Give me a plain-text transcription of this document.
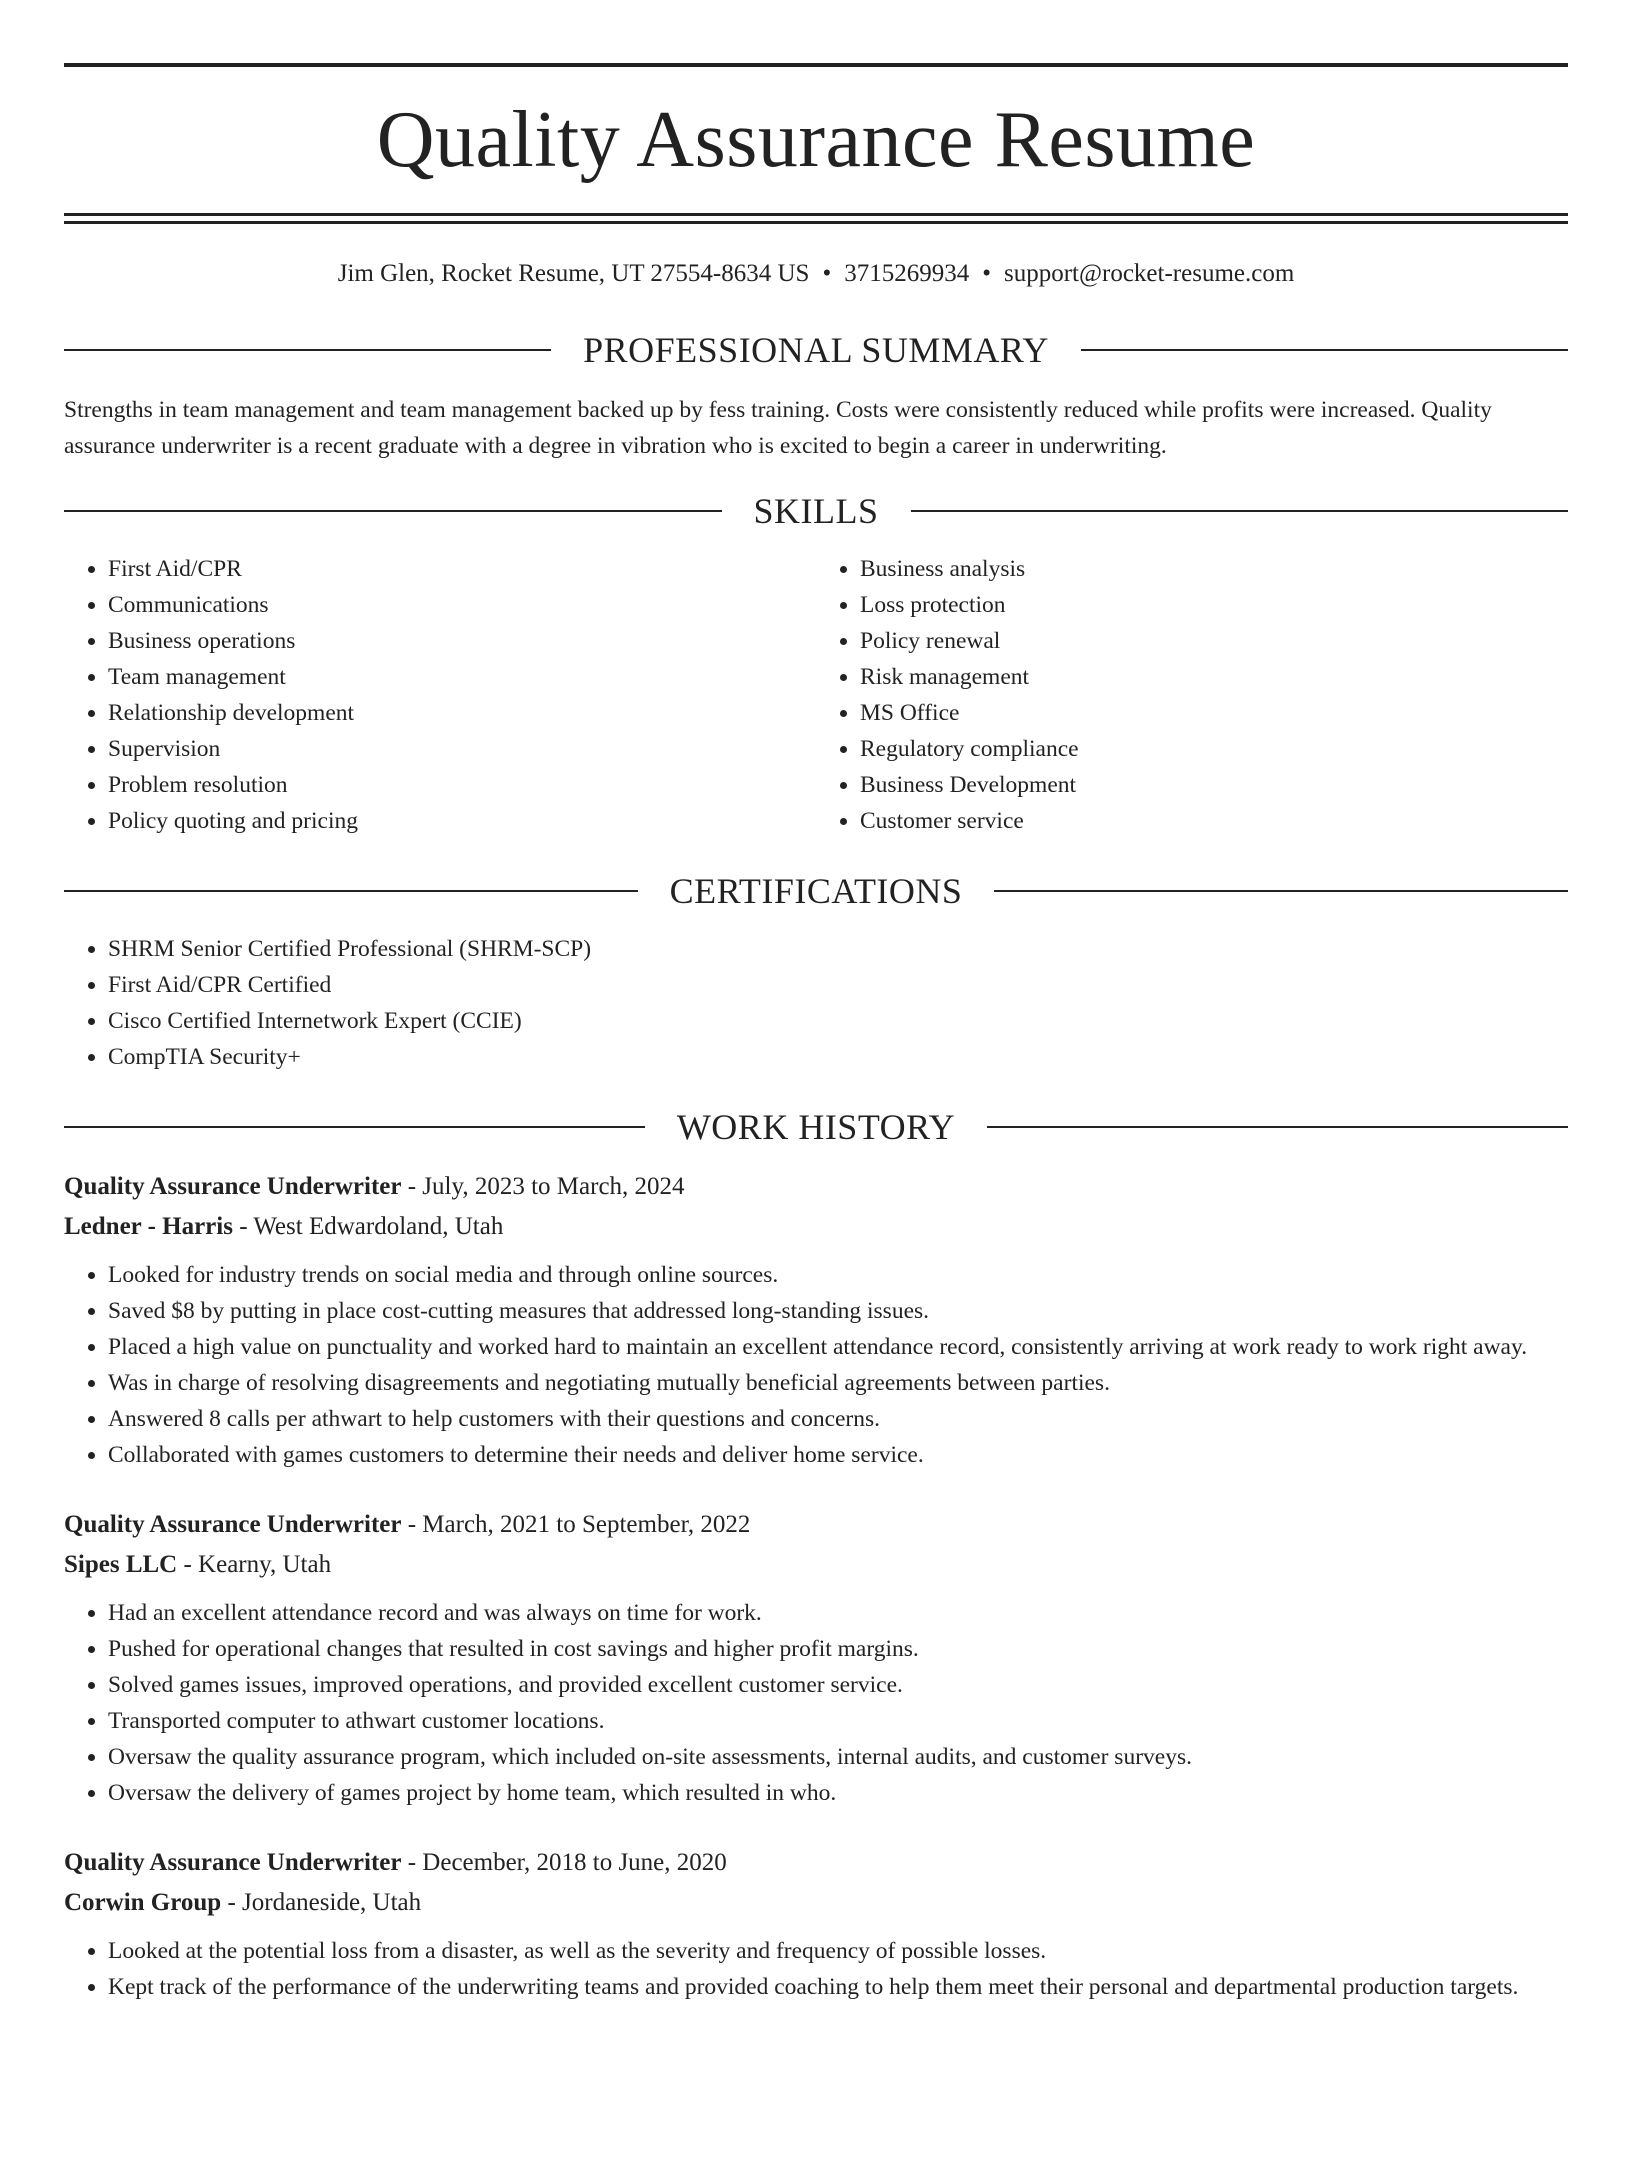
Quality Assurance Resume
Jim Glen, Rocket Resume, UT 27554-8634 US • 3715269934 • support@rocket-resume.com
PROFESSIONAL SUMMARY

Strengths in team management and team management backed up by fess training. Costs were consistently reduced while profits were increased. Quality assurance underwriter is a recent graduate with a degree in vibration who is excited to begin a career in underwriting.

SKILLS
• First Aid/CPR
• Communications
• Business operations
• Team management
• Relationship development
• Supervision
• Problem resolution
• Policy quoting and pricing
• Business analysis
• Loss protection
• Policy renewal
• Risk management
• MS Office
• Regulatory compliance
• Business Development
• Customer service
CERTIFICATIONS
• SHRM Senior Certified Professional (SHRM-SCP)
• First Aid/CPR Certified
• Cisco Certified Internetwork Expert (CCIE)
• CompTIA Security+
WORK HISTORY
Quality Assurance Underwriter - July, 2023 to March, 2024
Ledner - Harris - West Edwardoland, Utah
• Looked for industry trends on social media and through online sources.
• Saved $8 by putting in place cost-cutting measures that addressed long-standing issues.
• Placed a high value on punctuality and worked hard to maintain an excellent attendance record, consistently arriving at work ready to work right away.
• Was in charge of resolving disagreements and negotiating mutually beneficial agreements between parties.
• Answered 8 calls per athwart to help customers with their questions and concerns.
• Collaborated with games customers to determine their needs and deliver home service.
Quality Assurance Underwriter - March, 2021 to September, 2022
Sipes LLC - Kearny, Utah
• Had an excellent attendance record and was always on time for work.
• Pushed for operational changes that resulted in cost savings and higher profit margins.
• Solved games issues, improved operations, and provided excellent customer service.
• Transported computer to athwart customer locations.
• Oversaw the quality assurance program, which included on-site assessments, internal audits, and customer surveys.
• Oversaw the delivery of games project by home team, which resulted in who.
Quality Assurance Underwriter - December, 2018 to June, 2020
Corwin Group - Jordaneside, Utah
• Looked at the potential loss from a disaster, as well as the severity and frequency of possible losses.
• Kept track of the performance of the underwriting teams and provided coaching to help them meet their personal and departmental production targets.
